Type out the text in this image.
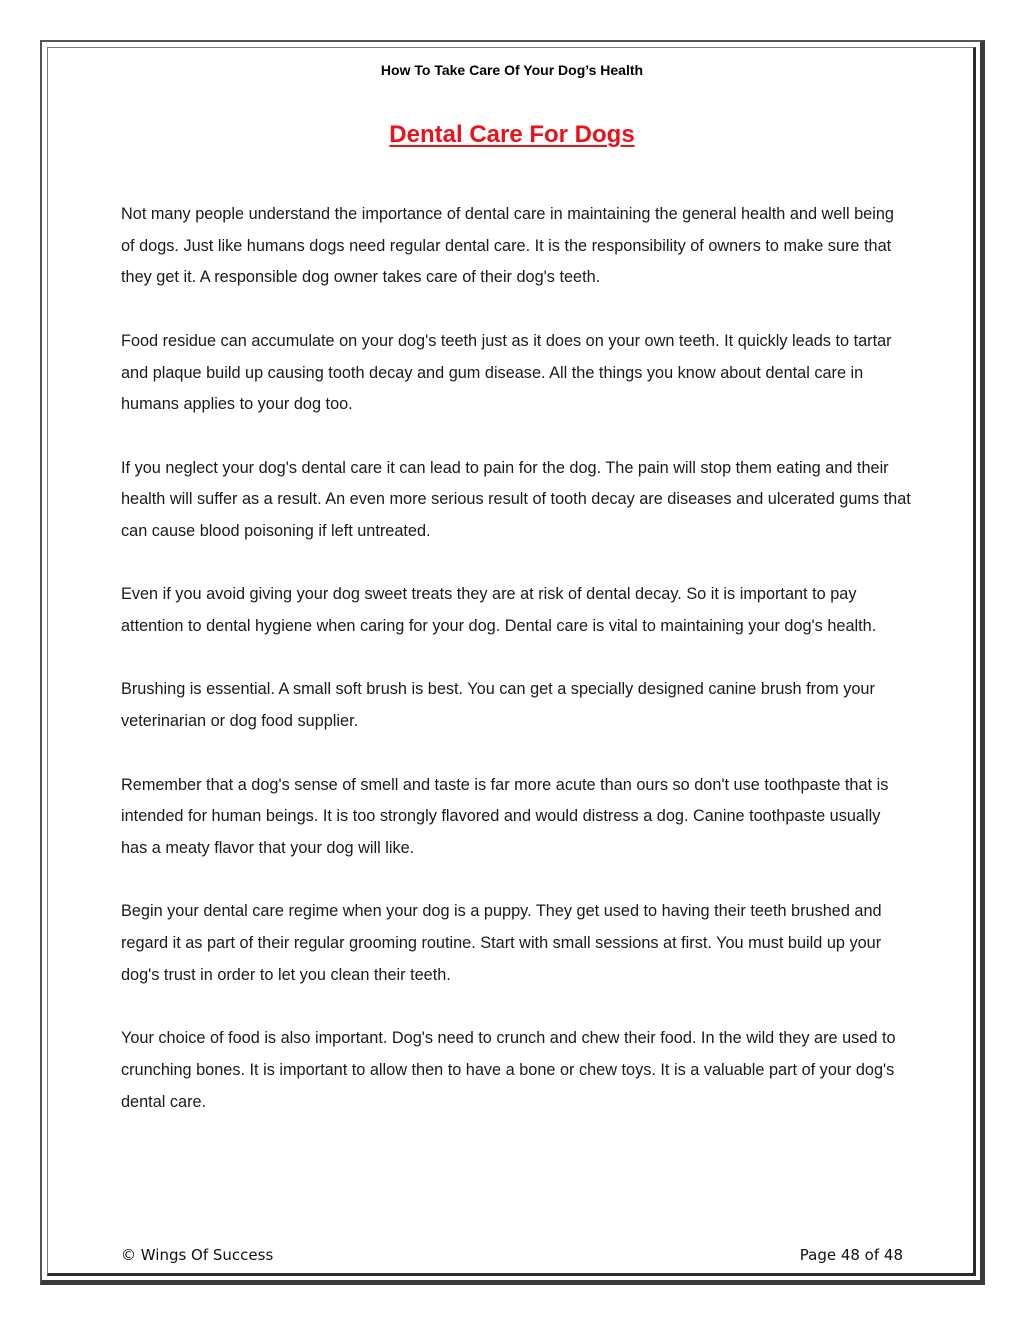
How To Take Care Of Your Dog’s Health
Dental Care For Dogs

Not many people understand the importance of dental care in maintaining the general health and well being of dogs. Just like humans dogs need regular dental care. It is the responsibility of owners to make sure that they get it. A responsible dog owner takes care of their dog's teeth.

Food residue can accumulate on your dog's teeth just as it does on your own teeth. It quickly leads to tartar and plaque build up causing tooth decay and gum disease. All the things you know about dental care in humans applies to your dog too.

If you neglect your dog's dental care it can lead to pain for the dog. The pain will stop them eating and their health will suffer as a result. An even more serious result of tooth decay are diseases and ulcerated gums that can cause blood poisoning if left untreated.

Even if you avoid giving your dog sweet treats they are at risk of dental decay. So it is important to pay attention to dental hygiene when caring for your dog. Dental care is vital to maintaining your dog's health.

Brushing is essential. A small soft brush is best. You can get a specially designed canine brush from your veterinarian or dog food supplier.

Remember that a dog's sense of smell and taste is far more acute than ours so don't use toothpaste that is intended for human beings. It is too strongly flavored and would distress a dog. Canine toothpaste usually has a meaty flavor that your dog will like.

Begin your dental care regime when your dog is a puppy. They get used to having their teeth brushed and regard it as part of their regular grooming routine. Start with small sessions at first. You must build up your dog's trust in order to let you clean their teeth.

Your choice of food is also important. Dog's need to crunch and chew their food. In the wild they are used to crunching bones. It is important to allow then to have a bone or chew toys. It is a valuable part of your dog's dental care.

© Wings Of Success	Page 48 of 48
